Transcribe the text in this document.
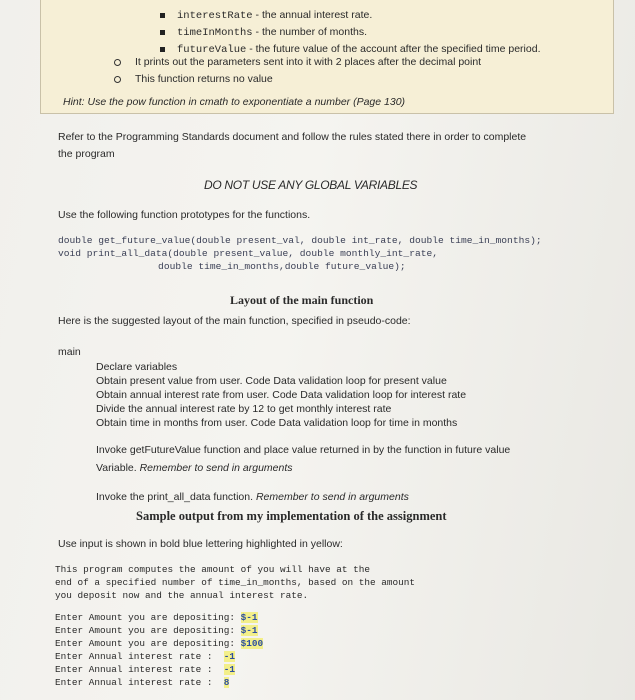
interestRate - the annual interest rate.
timeInMonths - the number of months.
futureValue - the future value of the account after the specified time period.
It prints out the parameters sent into it with 2 places after the decimal point
This function returns no value
Hint: Use the pow function in cmath to exponentiate a number (Page 130)
Refer to the Programming Standards document and follow the rules stated there in order to complete
the program
DO NOT USE ANY GLOBAL VARIABLES
Use the following function prototypes for the functions.
double get_future_value(double present_val, double int_rate, double time_in_months);
void print_all_data(double present_value, double monthly_int_rate,
double time_in_months,double future_value);
Layout of the main function
Here is the suggested layout of the main function, specified in pseudo-code:
main
Declare variables
Obtain present value from user. Code Data validation loop for present value
Obtain annual interest rate from user. Code Data validation loop for interest rate
Divide the annual interest rate by 12 to get monthly interest rate
Obtain time in months from user. Code Data validation loop for time in months
Invoke getFutureValue function and place value returned in by the function in future value
Variable. Remember to send in arguments
Invoke the print_all_data function. Remember to send in arguments
Sample output from my implementation of the assignment
Use input is shown in bold blue lettering highlighted in yellow:
This program computes the amount of you will have at the
end of a specified number of time_in_months, based on the amount
you deposit now and the annual interest rate.
Enter Amount you are depositing: $-1
Enter Amount you are depositing: $-1
Enter Amount you are depositing: $100
Enter Annual interest rate :  -1
Enter Annual interest rate :  -1
Enter Annual interest rate :  8
